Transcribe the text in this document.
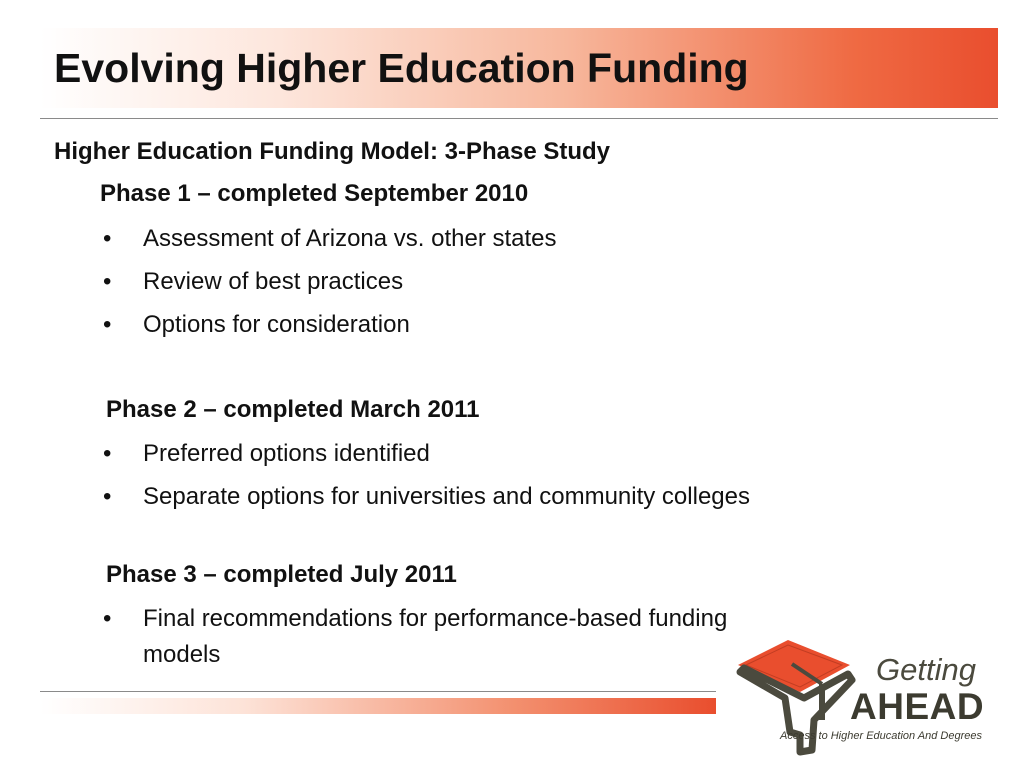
Evolving Higher Education Funding
Higher Education Funding Model: 3-Phase Study
Phase 1 – completed September 2010
• Assessment of Arizona vs. other states
• Review of best practices
• Options for consideration
Phase 2 – completed March 2011
• Preferred options identified
• Separate options for universities and community colleges
Phase 3 – completed July 2011
• Final recommendations for performance-based funding
models	Getting
AHEAD
Access to Higher Education And Degrees
